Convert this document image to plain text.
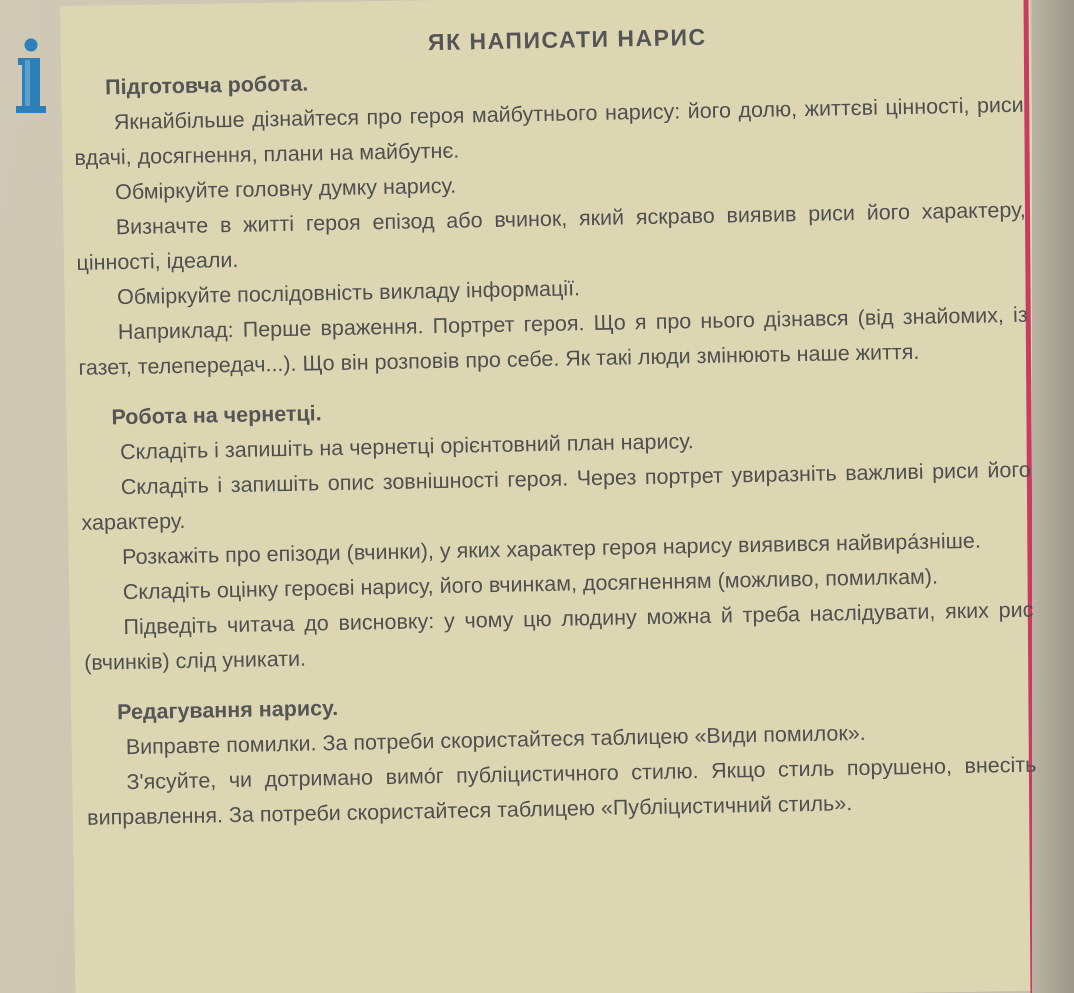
ЯК НАПИСАТИ НАРИС
Підготовча робота.

Якнайбільше дізнайтеся про героя майбутнього нарису: його долю, життєві цінності, риси вдачі, досягнення, плани на майбутнє.

Обміркуйте головну думку нарису.

Визначте в житті героя епізод або вчинок, який яскраво виявив риси його характеру, цінності, ідеали.

Обміркуйте послідовність викладу інформації.

Наприклад: Перше враження. Портрет героя. Що я про нього дізнався (від знайомих, із газет, телепередач...). Що він розповів про себе. Як такі люди змінюють наше життя.

Робота на чернетці.

Складіть і запишіть на чернетці орієнтовний план нарису.

Складіть і запишіть опис зовнішності героя. Через портрет увиразніть важливі риси його характеру.

Розкажіть про епізоди (вчинки), у яких характер героя нарису виявився найвира́зніше.

Складіть оцінку героєві нарису, його вчинкам, досягненням (можливо, помилкам).

Підведіть читача до висновку: у чому цю людину можна й треба наслідувати, яких рис (вчинків) слід уникати.

Редагування нарису.

Виправте помилки. За потреби скористайтеся таблицею «Види помилок».

З'ясуйте, чи дотримано вимо́г публіцистичного стилю. Якщо стиль порушено, внесіть виправлення. За потреби скористайтеся таблицею «Публіцистичний стиль».
